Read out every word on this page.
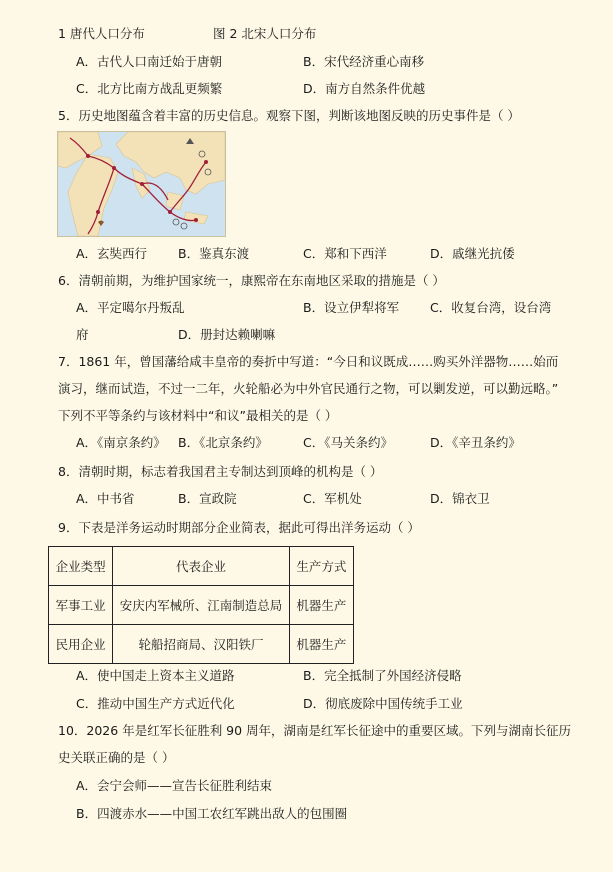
1 唐代人口分布	图 2 北宋人口分布
A．古代人口南迁始于唐朝	B．宋代经济重心南移
C．北方比南方战乱更频繁	D．南方自然条件优越
5．历史地图蕴含着丰富的历史信息。观察下图，判断该地图反映的历史事件是（ ）
A．玄奘西行 B．鉴真东渡	C．郑和下西洋	D．戚继光抗倭
6．清朝前期，为维护国家统一，康熙帝在东南地区采取的措施是（ ）
A．平定噶尔丹叛乱	B．设立伊犁将军 C．收复台湾，设台湾
府	D．册封达赖喇嘛
7．1861 年，曾国藩给咸丰皇帝的奏折中写道：“今日和议既成……购买外洋器物……始而
演习，继而试造，不过一二年，火轮船必为中外官民通行之物，可以剿发逆，可以勤远略。”
下列不平等条约与该材料中“和议”最相关的是（ ）
A．《南京条约》 B．《北京条约》	C．《马关条约》	D．《辛丑条约》
8．清朝时期，标志着我国君主专制达到顶峰的机构是（ ）
A．中书省	B．宣政院	C．军机处	D．锦衣卫
9．下表是洋务运动时期部分企业简表，据此可得出洋务运动（ ）
企业类型	代表企业	生产方式
军事工业	安庆内军械所、江南制造总局	机器生产
民用企业	轮船招商局、汉阳铁厂	机器生产
A．使中国走上资本主义道路	B．完全抵制了外国经济侵略
C．推动中国生产方式近代化	D．彻底废除中国传统手工业
10．2026 年是红军长征胜利 90 周年，湖南是红军长征途中的重要区域。下列与湖南长征历
史关联正确的是（ ）
A．会宁会师——宣告长征胜利结束
B．四渡赤水——中国工农红军跳出敌人的包围圈
